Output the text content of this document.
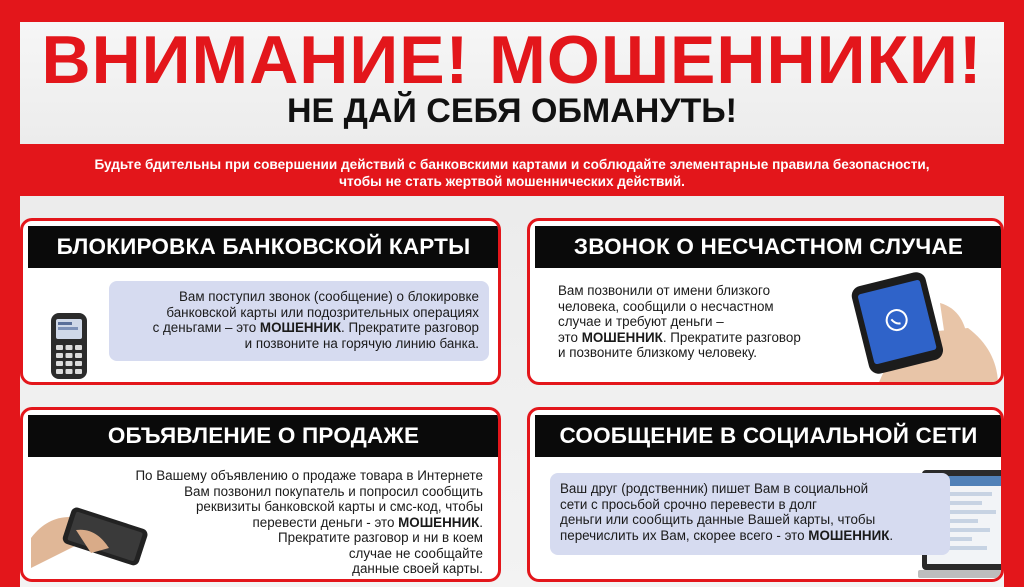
ВНИМАНИЕ! МОШЕННИКИ!
НЕ ДАЙ СЕБЯ ОБМАНУТЬ!
Будьте бдительны при совершении действий с банковскими картами и соблюдайте элементарные правила безопасности,
чтобы не стать жертвой мошеннических действий.
БЛОКИРОВКА БАНКОВСКОЙ КАРТЫ
Вам поступил звонок (сообщение) о блокировке
банковской карты или подозрительных операциях
с деньгами – это МОШЕННИК. Прекратите разговор
и позвоните на горячую линию банка.
ЗВОНОК О НЕСЧАСТНОМ СЛУЧАЕ
Вам позвонили от имени близкого
человека, сообщили о несчастном
случае и требуют деньги –
это МОШЕННИК. Прекратите разговор
и позвоните близкому человеку.
ОБЪЯВЛЕНИЕ О ПРОДАЖЕ
По Вашему объявлению о продаже товара в Интернете
Вам позвонил покупатель и попросил сообщить
реквизиты банковской карты и смс-код, чтобы
перевести деньги - это МОШЕННИК.
Прекратите разговор и ни в коем
случае не сообщайте
данные своей карты.
СООБЩЕНИЕ В СОЦИАЛЬНОЙ СЕТИ
Ваш друг (родственник) пишет Вам в социальной
сети с просьбой срочно перевести в долг
деньги или сообщить данные Вашей карты, чтобы
перечислить их Вам, скорее всего - это МОШЕННИК.
